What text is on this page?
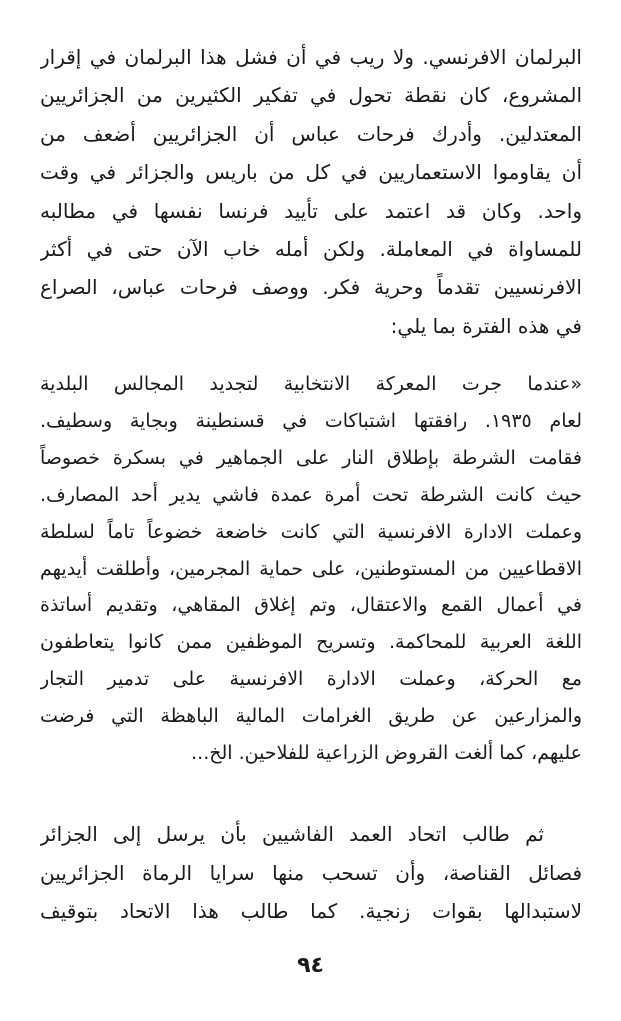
البرلمان الافرنسي. ولا ريب في أن فشل هذا البرلمان في إقرار
المشروع، كان نقطة تحول في تفكير الكثيرين من الجزائريين
المعتدلين. وأدرك فرحات عباس أن الجزائريين أضعف من
أن يقاوموا الاستعماريين في كل من باريس والجزائر في وقت
واحد. وكان قد اعتمد على تأييد فرنسا نفسها في مطالبه
للمساواة في المعاملة. ولكن أمله خاب الآن حتى في أكثر
الافرنسيين تقدماً وحرية فكر. ووصف فرحات عباس، الصراع
في هذه الفترة بما يلي:
«عندما جرت المعركة الانتخابية لتجديد المجالس البلدية
لعام ١٩٣٥. رافقتها اشتباكات في قسنطينة وبجاية وسطيف.
فقامت الشرطة بإطلاق النار على الجماهير في بسكرة خصوصاً
حيث كانت الشرطة تحت أمرة عمدة فاشي يدير أحد المصارف.
وعملت الادارة الافرنسية التي كانت خاضعة خضوعاً تاماً لسلطة
الاقطاعيين من المستوطنين، على حماية المجرمين، وأطلقت أيديهم
في أعمال القمع والاعتقال، وتم إغلاق المقاهي، وتقديم أساتذة
اللغة العربية للمحاكمة. وتسريح الموظفين ممن كانوا يتعاطفون
مع الحركة، وعملت الادارة الافرنسية على تدمير التجار
والمزارعين عن طريق الغرامات المالية الباهظة التي فرضت
عليهم، كما ألغت القروض الزراعية للفلاحين. الخ...
ثم طالب اتحاد العمد الفاشيين بأن يرسل إلى الجزائر
فصائل القناصة، وأن تسحب منها سرايا الرماة الجزائريين
لاستبدالها بقوات زنجية. كما طالب هذا الاتحاد بتوقيف
٩٤
